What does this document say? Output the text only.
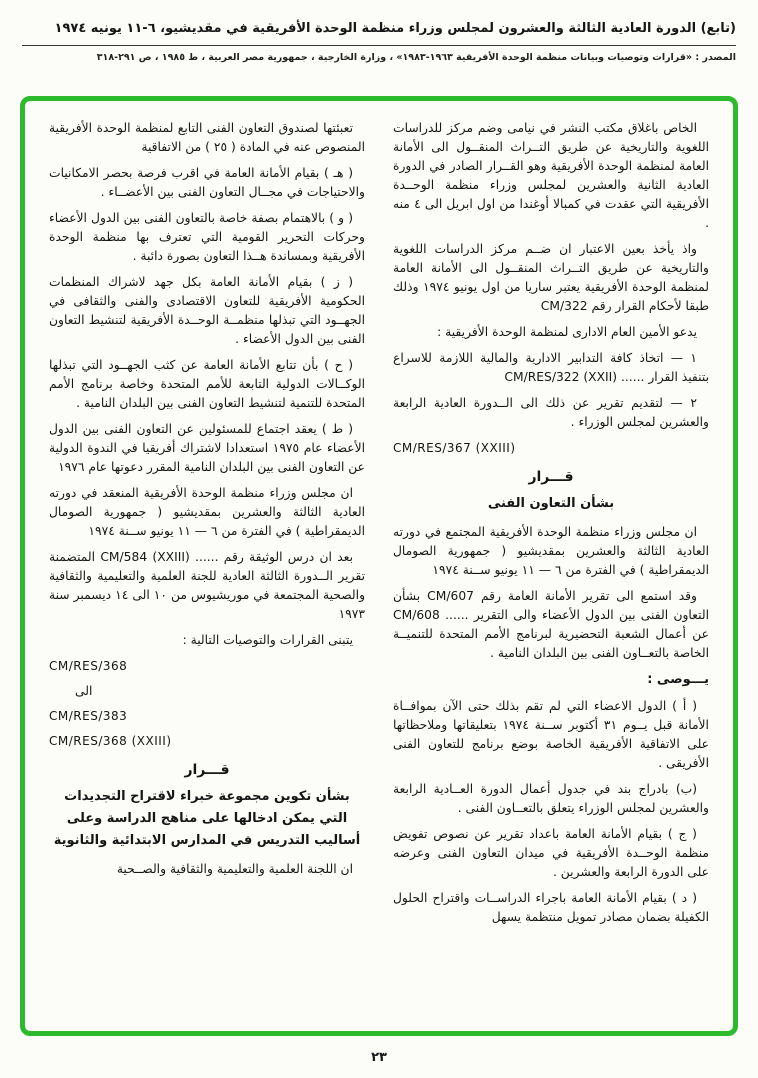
(تابع) الدورة العادية الثالثة والعشرون لمجلس وزراء منظمة الوحدة الأفريقية في مقديشيو، ٦-١١ يونيه ١٩٧٤
المصدر : «قرارات وتوصيات وبيانات منظمة الوحدة الأفريقية ١٩٦٣-١٩٨٣» ، وزارة الخارجية ، جمهورية مصر العربية ، ط ١٩٨٥ ، ص ٢٩١-٣١٨
الخاص باغلاق مكتب النشر في نيامى وضم مركز للدراسات اللغوية والتاريخية عن طريق التــراث المنقــول الى الأمانة العامة لمنظمة الوحدة الأفريقية وهو القــرار الصادر في الدورة العادية الثانية والعشرين لمجلس وزراء منظمة الوحــدة الأفريقية التي عقدت في كمبالا أوغندا من اول ابريل الى ٤ منه .
واذ يأخذ بعين الاعتبار ان ضــم مركز الدراسات اللغوية والتاريخية عن طريق التــراث المنقــول الى الأمانة العامة لمنظمة الوحدة الأفريقية يعتبر ساريا من اول يونيو ١٩٧٤ وذلك طبقا لأحكام القرار رقم CM/322
يدعو الأمين العام الادارى لمنظمة الوحدة الأفريقية :
١ — اتخاذ كافة التدابير الادارية والمالية اللازمة للاسراع بتنفيذ القرار ...... CM/RES/322 (XXII)
٢ — لتقديم تقرير عن ذلك الى الــدورة العادية الرابعة والعشرين لمجلس الوزراء .
CM/RES/367 (XXIII)
قـــرار
بشأن التعاون الفنى
ان مجلس وزراء منظمة الوحدة الأفريقية المجتمع في دورته العادية الثالثة والعشرين بمقديشيو ( جمهورية الصومال الديمقراطية ) في الفترة من ٦ — ١١ يونيو ســنة ١٩٧٤
وقد استمع الى تقرير الأمانة العامة رقم CM/607 بشأن التعاون الفنى بين الدول الأعضاء والى التقرير ...... CM/608 عن أعمال الشعبة التحضيرية لبرنامج الأمم المتحدة للتنميــة الخاصة بالتعــاون الفنى بين البلدان النامية .
يـــوصى :
( أ ) الدول الاعضاء التي لم تقم بذلك حتى الآن بموافــاة الأمانة قبل يــوم ٣١ أكتوبر ســنة ١٩٧٤ بتعليقاتها وملاحظاتها على الاتفاقية الأفريقية الخاصة بوضع برنامج للتعاون الفنى الأفريقى .
(ب) بادراج بند في جدول أعمال الدورة العــادية الرابعة والعشرين لمجلس الوزراء يتعلق بالتعــاون الفنى .
( ج ) بقيام الأمانة العامة باعداد تقرير عن نصوص تفويض منظمة الوحــدة الأفريقية في ميدان التعاون الفنى وعرضه على الدورة الرابعة والعشرين .
( د ) بقيام الأمانة العامة باجراء الدراســات واقتراح الحلول الكفيلة بضمان مصادر تمويل منتظمة يسهل
تعبئتها لصندوق التعاون الفنى التابع لمنظمة الوحدة الأفريقية المنصوص عنه في المادة ( ٢٥ ) من الاتفاقية
( هـ ) بقيام الأمانة العامة في اقرب فرصة بحصر الامكانيات والاحتياجات في مجــال التعاون الفنى بين الأعضــاء .
( و ) بالاهتمام بصفة خاصة بالتعاون الفنى بين الدول الأعضاء وحركات التحرير القومية التي تعترف بها منظمة الوحدة الأفريقية وبمساندة هــذا التعاون بصورة دائبة .
( ز ) بقيام الأمانة العامة بكل جهد لاشراك المنظمات الحكومية الأفريقية للتعاون الاقتصادى والفنى والثقافى في الجهــود التي تبذلها منظمــة الوحــدة الأفريقية لتنشيط التعاون الفنى بين الدول الأعضاء .
( ح ) بأن تتابع الأمانة العامة عن كثب الجهــود التي تبذلها الوكــالات الدولية التابعة للأمم المتحدة وخاصة برنامج الأمم المتحدة للتنمية لتنشيط التعاون الفنى بين البلدان النامية .
( ط ) يعقد اجتماع للمسئولين عن التعاون الفنى بين الدول الأعضاء عام ١٩٧٥ استعدادا لاشتراك أفريقيا في الندوة الدولية عن التعاون الفنى بين البلدان النامية المقرر دعوتها عام ١٩٧٦
ان مجلس وزراء منظمة الوحدة الأفريقية المنعقد في دورته العادية الثالثة والعشرين بمقديشيو ( جمهورية الصومال الديمقراطية ) في الفترة من ٦ — ١١ يونيو ســنة ١٩٧٤
بعد ان درس الوثيقة رقم ...... CM/584 (XXIII) المتضمنة تقرير الــدورة الثالثة العادية للجنة العلمية والتعليمية والثقافية والصحية المجتمعة في موريشيوس من ١٠ الى ١٤ ديسمبر سنة ١٩٧٣
يتبنى القرارات والتوصيات التالية :
CM/RES/368
الى
CM/RES/383
CM/RES/368 (XXIII)
قـــرار
بشأن تكوين مجموعة خبراء لاقتراح التجديدات التي يمكن ادخالها على مناهج الدراسة وعلى أساليب التدريس في المدارس الابتدائية والثانوية
ان اللجنة العلمية والتعليمية والثقافية والصــحية
٢٣
